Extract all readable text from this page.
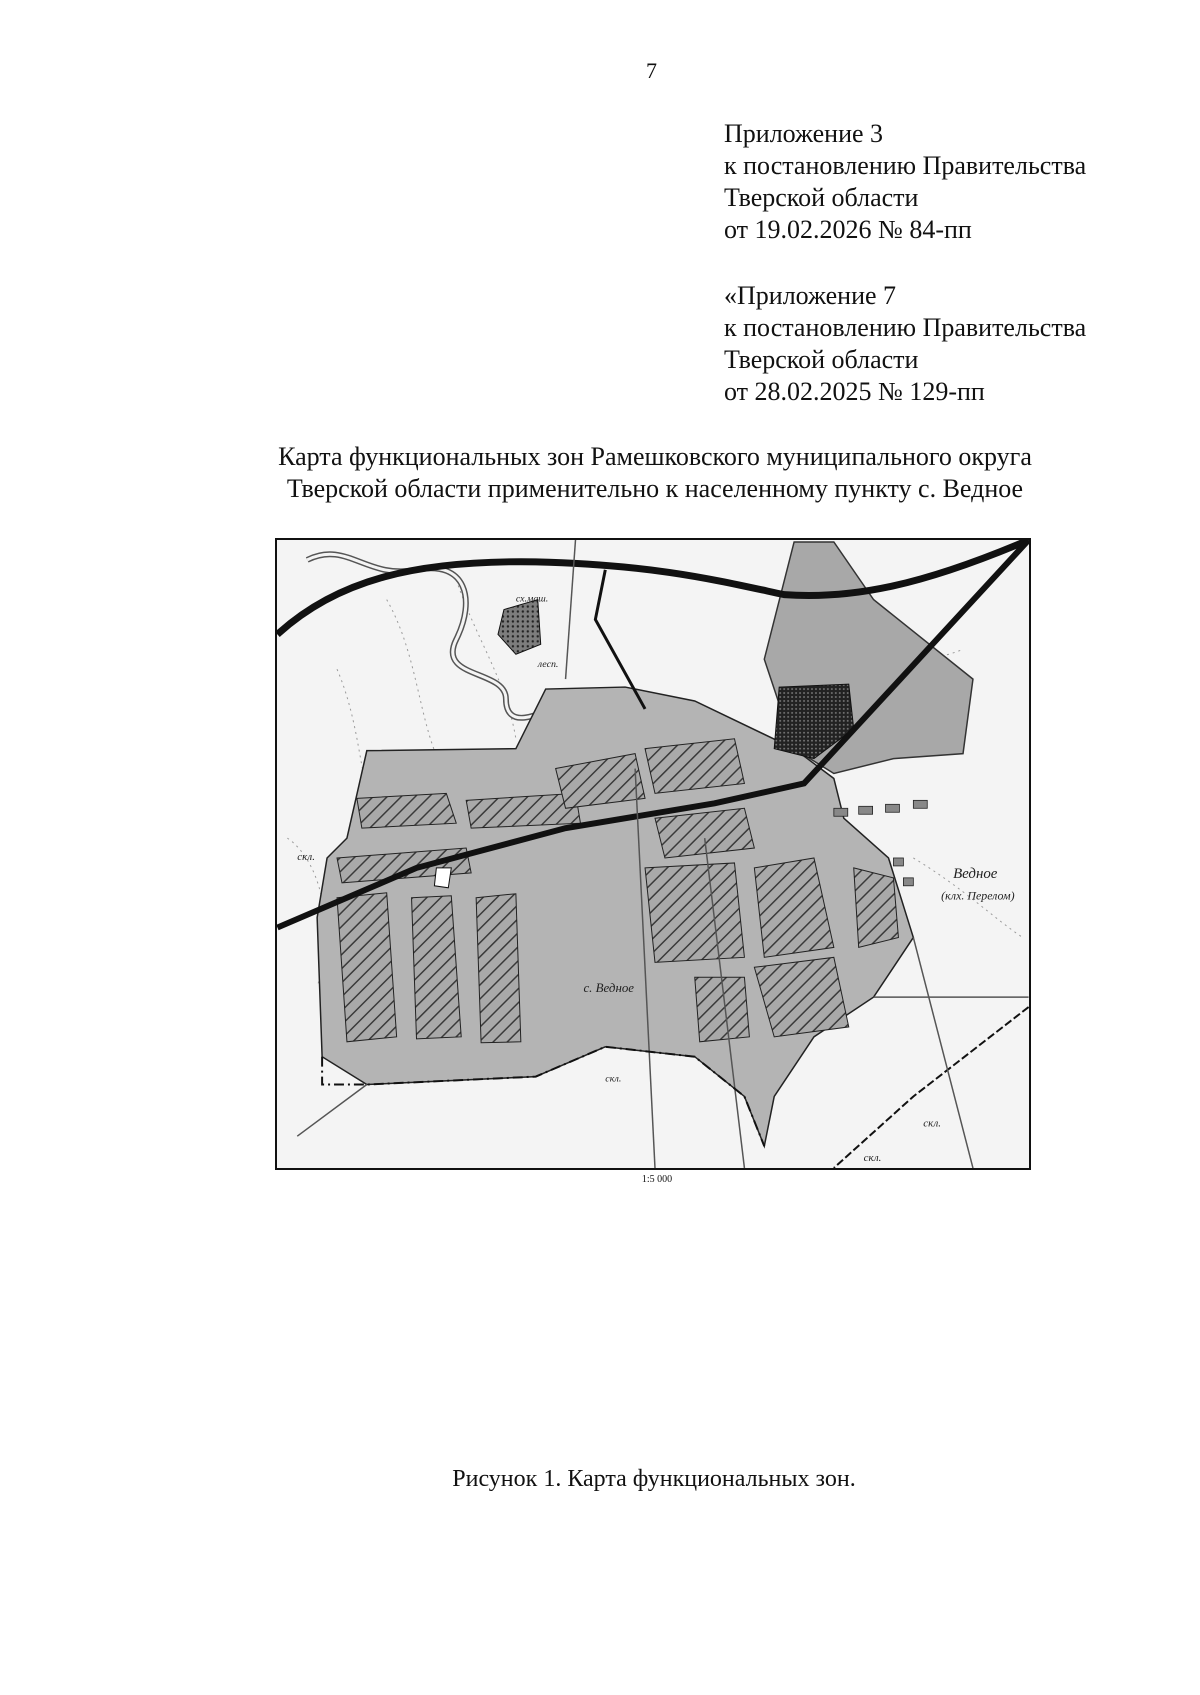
7
Приложение 3
к постановлению Правительства
Тверской области
от 19.02.2026 № 84-пп
«Приложение 7
к постановлению Правительства
Тверской области
от 28.02.2025 № 129-пп
Карта функциональных зон Рамешковского муниципального округа
Тверской области применительно к населенному пункту с. Ведное
с. Ведное
Ведное
(клх. Перелом)
скл.
скл.
скл.
скл.
лесп.
сх.маш.
1:5 000
Рисунок 1. Карта функциональных зон.
